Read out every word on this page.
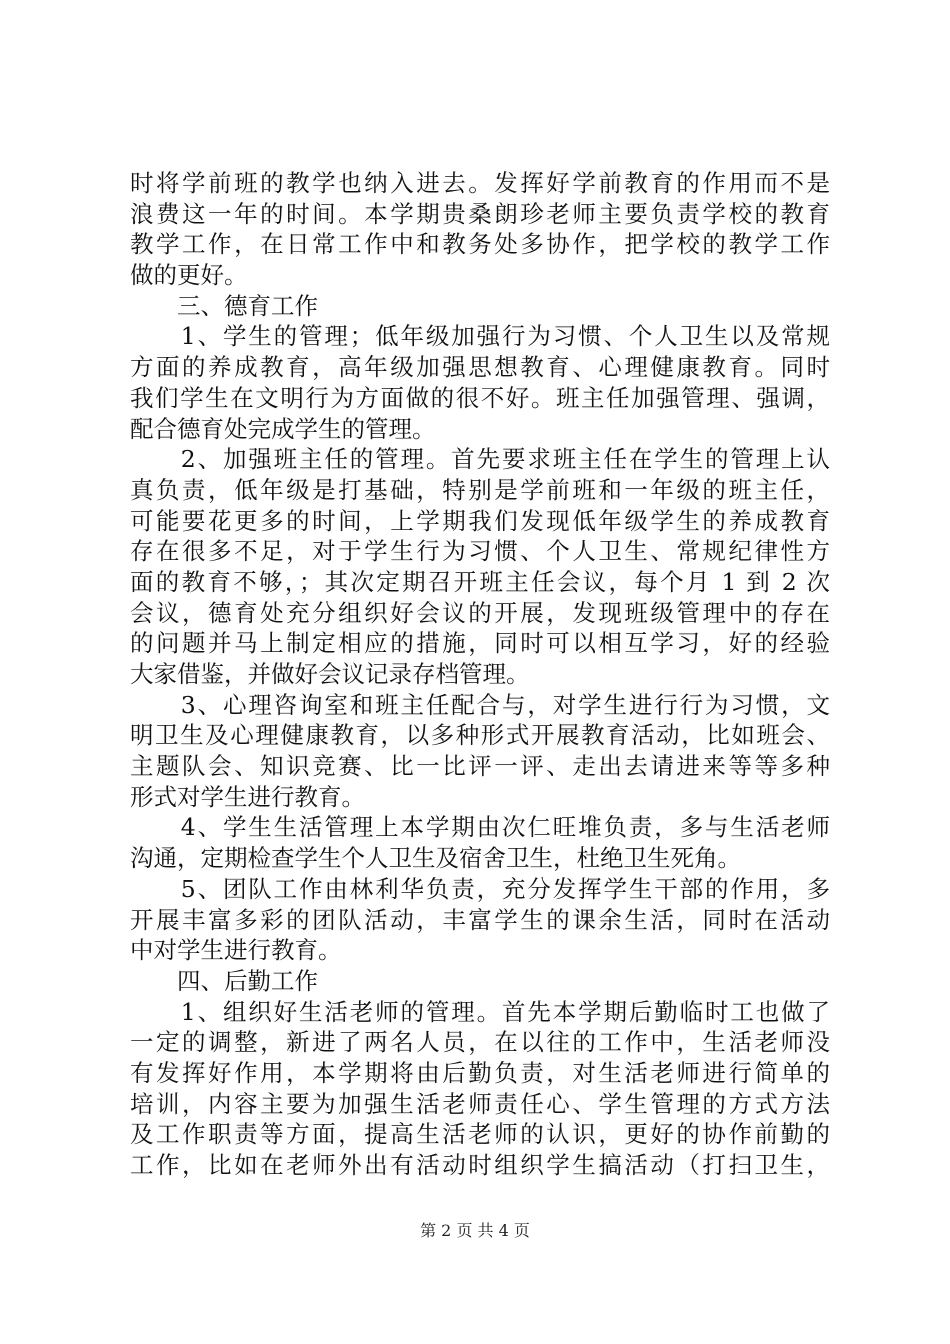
时将学前班的教学也纳入进去。发挥好学前教育的作用而不是
浪费这一年的时间。本学期贵桑朗珍老师主要负责学校的教育
教学工作，在日常工作中和教务处多协作，把学校的教学工作
做的更好。
　　三、德育工作
　　1、学生的管理；低年级加强行为习惯、个人卫生以及常规
方面的养成教育，高年级加强思想教育、心理健康教育。同时
我们学生在文明行为方面做的很不好。班主任加强管理、强调，
配合德育处完成学生的管理。
　　2、加强班主任的管理。首先要求班主任在学生的管理上认
真负责，低年级是打基础，特别是学前班和一年级的班主任，
可能要花更多的时间，上学期我们发现低年级学生的养成教育
存在很多不足，对于学生行为习惯、个人卫生、常规纪律性方
面的教育不够，；其次定期召开班主任会议，每个月 1 到 2 次
会议，德育处充分组织好会议的开展，发现班级管理中的存在
的问题并马上制定相应的措施，同时可以相互学习，好的经验
大家借鉴，并做好会议记录存档管理。
　　3、心理咨询室和班主任配合与，对学生进行行为习惯，文
明卫生及心理健康教育，以多种形式开展教育活动，比如班会、
主题队会、知识竞赛、比一比评一评、走出去请进来等等多种
形式对学生进行教育。
　　4、学生生活管理上本学期由次仁旺堆负责，多与生活老师
沟通，定期检查学生个人卫生及宿舍卫生，杜绝卫生死角。
　　5、团队工作由林利华负责，充分发挥学生干部的作用，多
开展丰富多彩的团队活动，丰富学生的课余生活，同时在活动
中对学生进行教育。
　　四、后勤工作
　　1、组织好生活老师的管理。首先本学期后勤临时工也做了
一定的调整，新进了两名人员，在以往的工作中，生活老师没
有发挥好作用，本学期将由后勤负责，对生活老师进行简单的
培训，内容主要为加强生活老师责任心、学生管理的方式方法
及工作职责等方面，提高生活老师的认识，更好的协作前勤的
工作，比如在老师外出有活动时组织学生搞活动（打扫卫生，
第 2 页 共 4 页
